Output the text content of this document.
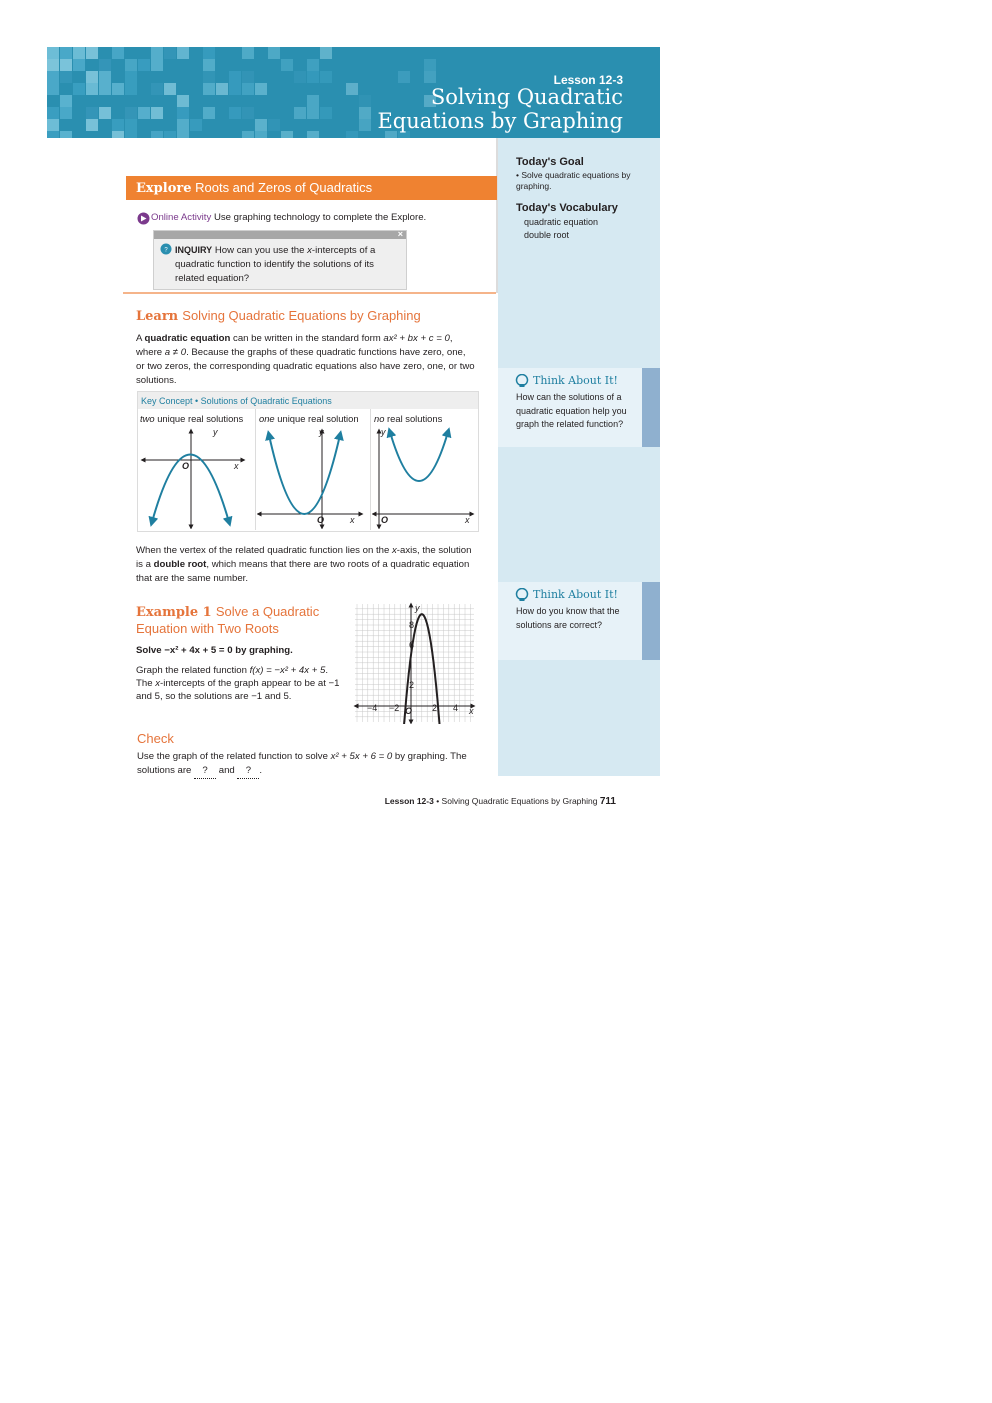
Lesson 12-3
Solving Quadratic
Equations by Graphing
Today's Goal
• Solve quadratic equations by graphing.
Today's Vocabulary
quadratic equation
double root
Think About It!
How can the solutions of a quadratic equation help you graph the related function?
Think About It!
How do you know that the solutions are correct?
Explore Roots and Zeros of Quadratics
Online Activity Use graphing technology to complete the Explore.
×
? INQUIRY How can you use the x-intercepts of a quadratic function to identify the solutions of its related equation?
Learn Solving Quadratic Equations by Graphing
A quadratic equation can be written in the standard form ax² + bx + c = 0, where a ≠ 0. Because the graphs of these quadratic functions have zero, one, or two zeros, the corresponding quadratic equations also have zero, one, or two solutions.
Key Concept • Solutions of Quadratic Equations
two unique real solutions one unique real solution no real solutions
y
x
O
y
x
O
y
x
O
When the vertex of the related quadratic function lies on the x-axis, the solution is a double root, which means that there are two roots of a quadratic equation that are the same number.
Example 1 Solve a Quadratic Equation with Two Roots
Solve −x² + 4x + 5 = 0 by graphing.
Graph the related function f(x) = −x² + 4x + 5. The x-intercepts of the graph appear to be at −1 and 5, so the solutions are −1 and 5.
−4 −2	2 4
8
6
2
O	x
y
Check
Use the graph of the related function to solve x² + 5x + 6 = 0 by graphing. The solutions are ? and ? .
Lesson 12-3 • Solving Quadratic Equations by Graphing 711
